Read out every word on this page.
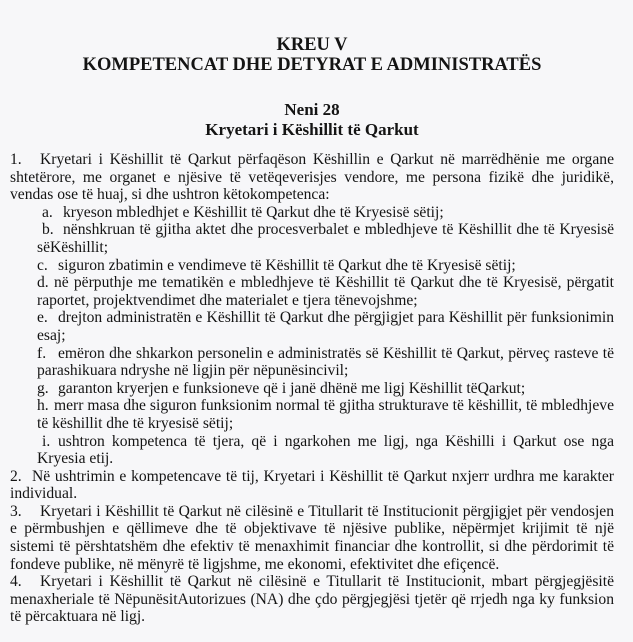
KREU V
KOMPETENCAT DHE DETYRAT E ADMINISTRATËS
Neni 28
Kryetari i Këshillit të Qarkut

1. Kryetari i Këshillit të Qarkut përfaqëson Këshillin e Qarkut në marrëdhënie me organe shtetërore, me organet e njësive të vetëqeverisjes vendore, me persona fizikë dhe juridikë, vendas ose të huaj, si dhe ushtron këtokompetenca:

a. kryeson mbledhjet e Këshillit të Qarkut dhe të Kryesisë sëtij;

b. nënshkruan të gjitha aktet dhe procesverbalet e mbledhjeve të Këshillit dhe të Kryesisë sëKëshillit;

c. siguron zbatimin e vendimeve të Këshillit të Qarkut dhe të Kryesisë sëtij;

d. në përputhje me tematikën e mbledhjeve të Këshillit të Qarkut dhe të Kryesisë, përgatit raportet, projektvendimet dhe materialet e tjera tënevojshme;

e. drejton administratën e Këshillit të Qarkut dhe përgjigjet para Këshillit për funksionimin esaj;

f. emëron dhe shkarkon personelin e administratës së Këshillit të Qarkut, përveç rasteve të parashikuara ndryshe në ligjin për nëpunësincivil;

g. garanton kryerjen e funksioneve që i janë dhënë me ligj Këshillit tëQarkut;

h. merr masa dhe siguron funksionim normal të gjitha strukturave të këshillit, të mbledhjeve të këshillit dhe të kryesisë sëtij;

i. ushtron kompetenca të tjera, që i ngarkohen me ligj, nga Këshilli i Qarkut ose nga Kryesia etij.

2. Në ushtrimin e kompetencave të tij, Kryetari i Këshillit të Qarkut nxjerr urdhra me karakter individual.

3. Kryetari i Këshillit të Qarkut në cilësinë e Titullarit të Institucionit përgjigjet për vendosjen e përmbushjen e qëllimeve dhe të objektivave të njësive publike, nëpërmjet krijimit të një sistemi të përshtatshëm dhe efektiv të menaxhimit financiar dhe kontrollit, si dhe përdorimit të fondeve publike, në mënyrë të ligjshme, me ekonomi, efektivitet dhe efiçencë.

4. Kryetari i Këshillit të Qarkut në cilësinë e Titullarit të Institucionit, mbart përgjegjësitë menaxheriale të NëpunësitAutorizues (NA) dhe çdo përgjegjësi tjetër që rrjedh nga ky funksion të përcaktuara në ligj.
